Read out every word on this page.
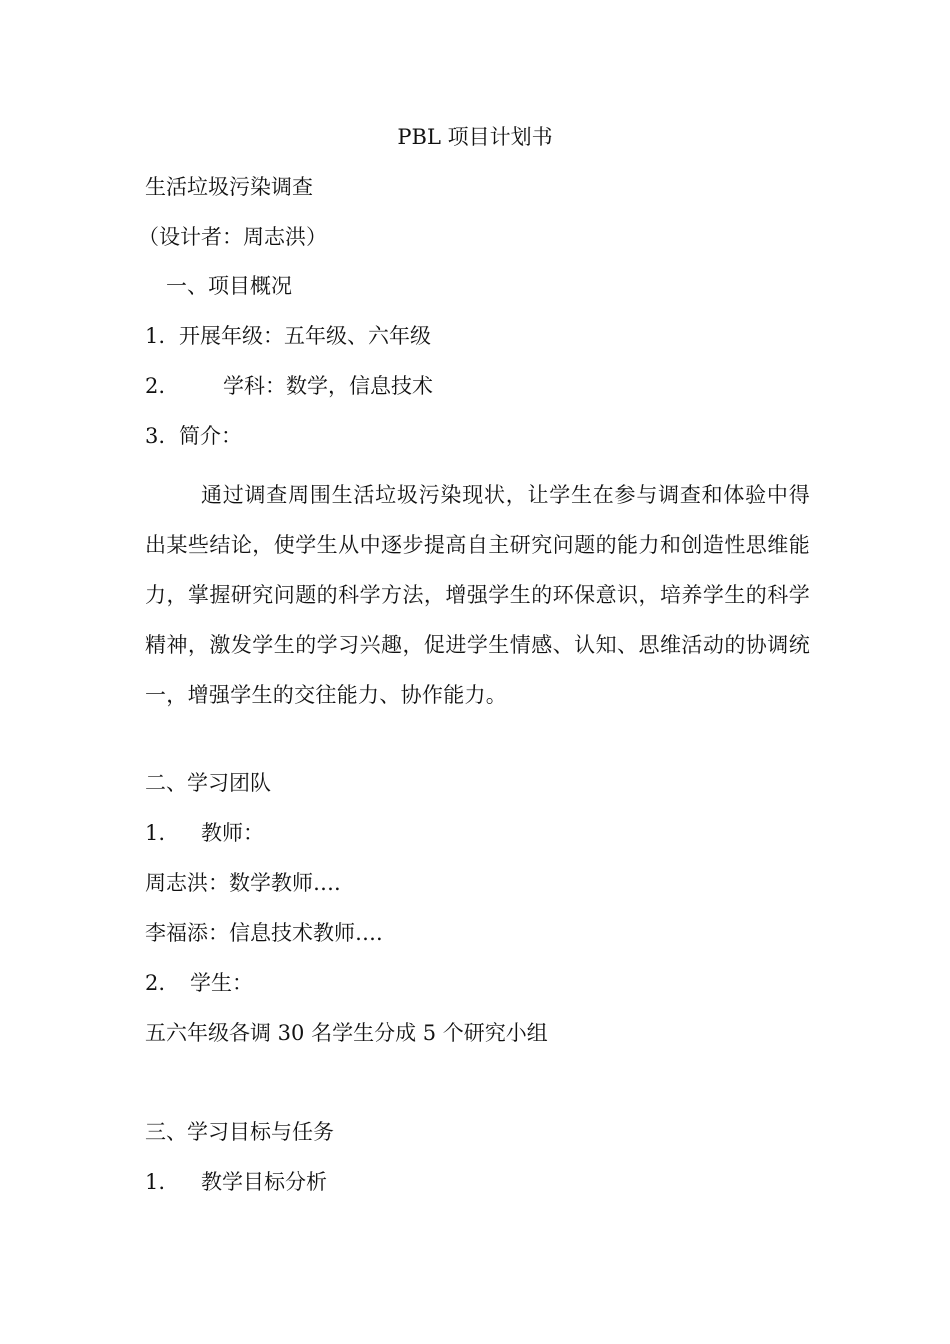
PBL 项目计划书
生活垃圾污染调查
（设计者：周志洪）
一、项目概况
1. 开展年级：五年级、六年级
2.	学科：数学，信息技术
3. 简介：
通过调查周围生活垃圾污染现状，让学生在参与调查和体验中得出某些结论，使学生从中逐步提高自主研究问题的能力和创造性思维能力，掌握研究问题的科学方法，增强学生的环保意识，培养学生的科学精神，激发学生的学习兴趣，促进学生情感、认知、思维活动的协调统一，增强学生的交往能力、协作能力。
二、学习团队
1. 教师：
周志洪：数学教师….
李福添：信息技术教师….
2. 学生：
五六年级各调 30 名学生分成 5 个研究小组
三、学习目标与任务
1. 教学目标分析
